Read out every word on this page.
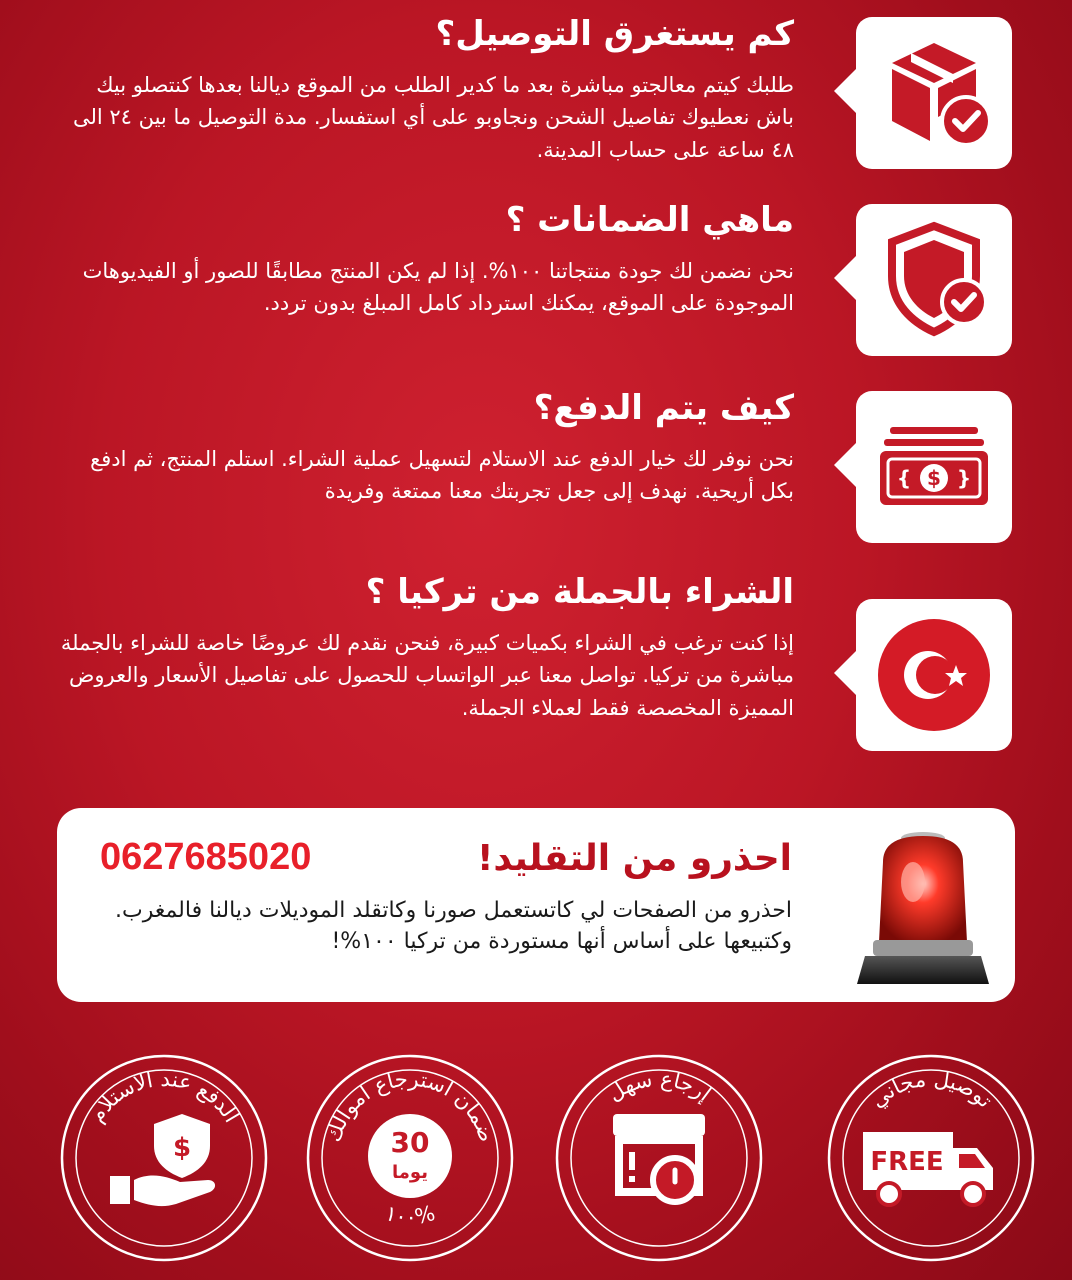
كم يستغرق التوصيل؟

طلبك كيتم معالجتو مباشرة بعد ما كدير الطلب من الموقع ديالنا بعدها كنتصلو بيك باش نعطيوك تفاصيل الشحن ونجاوبو على أي استفسار. مدة التوصيل ما بين ٢٤ الى ٤٨ ساعة على حساب المدينة.

ماهي الضمانات ؟

نحن نضمن لك جودة منتجاتنا ١٠٠%. إذا لم يكن المنتج مطابقًا للصور أو الفيديوهات الموجودة على الموقع، يمكنك استرداد كامل المبلغ بدون تردد.

كيف يتم الدفع؟

نحن نوفر لك خيار الدفع عند الاستلام لتسهيل عملية الشراء. استلم المنتج، ثم ادفع بكل أريحية. نهدف إلى جعل تجربتك معنا ممتعة وفريدة

$
{ }
الشراء بالجملة من تركيا ؟

إذا كنت ترغب في الشراء بكميات كبيرة، فنحن نقدم لك عروضًا خاصة للشراء بالجملة مباشرة من تركيا. تواصل معنا عبر الواتساب للحصول على تفاصيل الأسعار والعروض المميزة المخصصة فقط لعملاء الجملة.

0627685020	احذرو من التقليد!

احذرو من الصفحات لي كاتستعمل صورنا وكاتقلد الموديلات ديالنا فالمغرب. وكتبيعها على أساس أنها مستوردة من تركيا ١٠٠%!

توصيل مجاني
FREE
إرجاع سهل
ضمان استرجاع اموالك
١٠٠%
30
يوما
الدفع عند الاستلام
$
